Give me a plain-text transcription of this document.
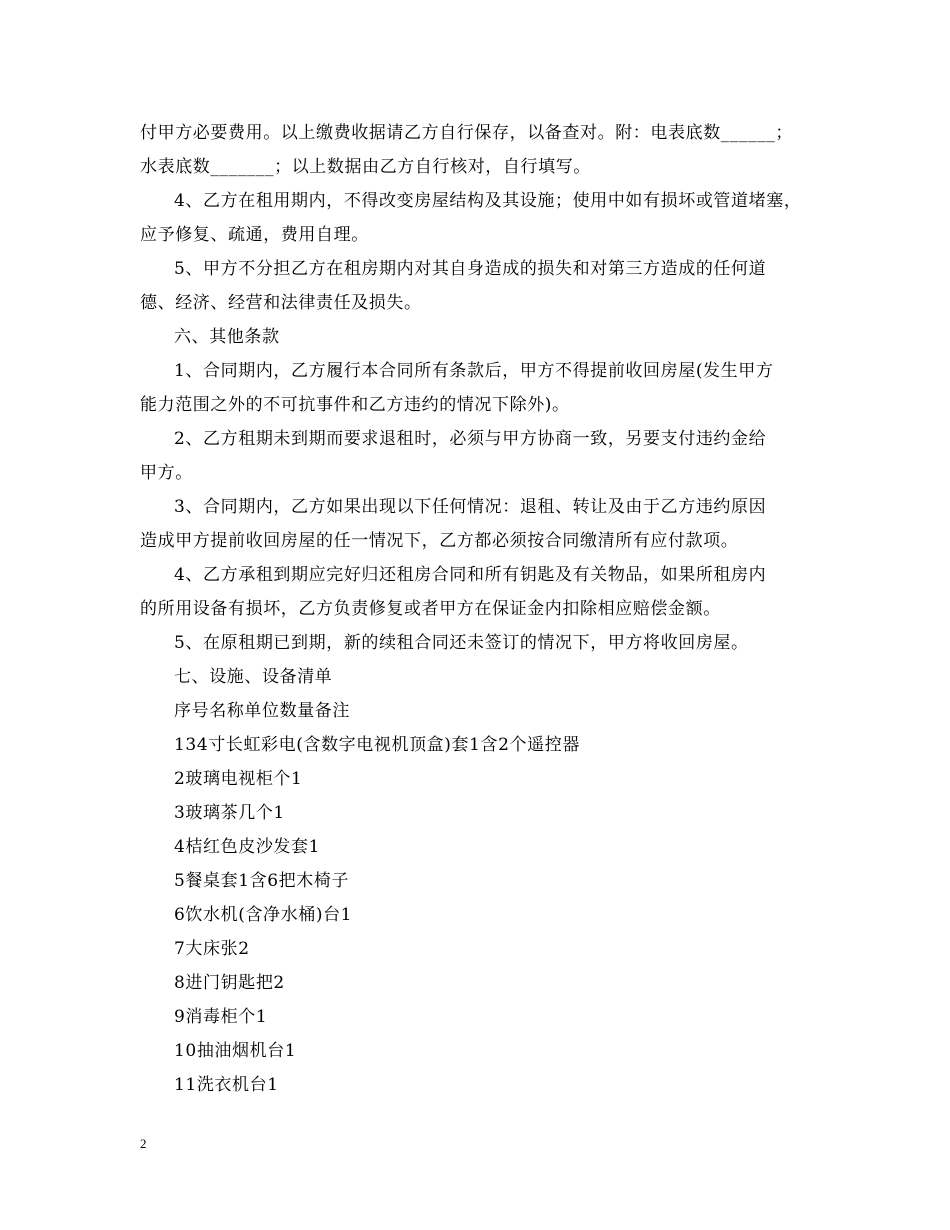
付甲方必要费用。以上缴费收据请乙方自行保存，以备查对。附：电表底数______；
水表底数_______；以上数据由乙方自行核对，自行填写。
4、乙方在租用期内，不得改变房屋结构及其设施；使用中如有损坏或管道堵塞，
应予修复、疏通，费用自理。
5、甲方不分担乙方在租房期内对其自身造成的损失和对第三方造成的任何道
德、经济、经营和法律责任及损失。
六、其他条款
1、合同期内，乙方履行本合同所有条款后，甲方不得提前收回房屋(发生甲方
能力范围之外的不可抗事件和乙方违约的情况下除外)。
2、乙方租期未到期而要求退租时，必须与甲方协商一致，另要支付违约金给
甲方。
3、合同期内，乙方如果出现以下任何情况：退租、转让及由于乙方违约原因
造成甲方提前收回房屋的任一情况下，乙方都必须按合同缴清所有应付款项。
4、乙方承租到期应完好归还租房合同和所有钥匙及有关物品，如果所租房内
的所用设备有损坏，乙方负责修复或者甲方在保证金内扣除相应赔偿金额。
5、在原租期已到期，新的续租合同还未签订的情况下，甲方将收回房屋。
七、设施、设备清单
序号名称单位数量备注
134寸长虹彩电(含数字电视机顶盒)套1含2个遥控器
2玻璃电视柜个1
3玻璃茶几个1
4桔红色皮沙发套1
5餐桌套1含6把木椅子
6饮水机(含净水桶)台1
7大床张2
8进门钥匙把2
9消毒柜个1
10抽油烟机台1
11洗衣机台1
2
